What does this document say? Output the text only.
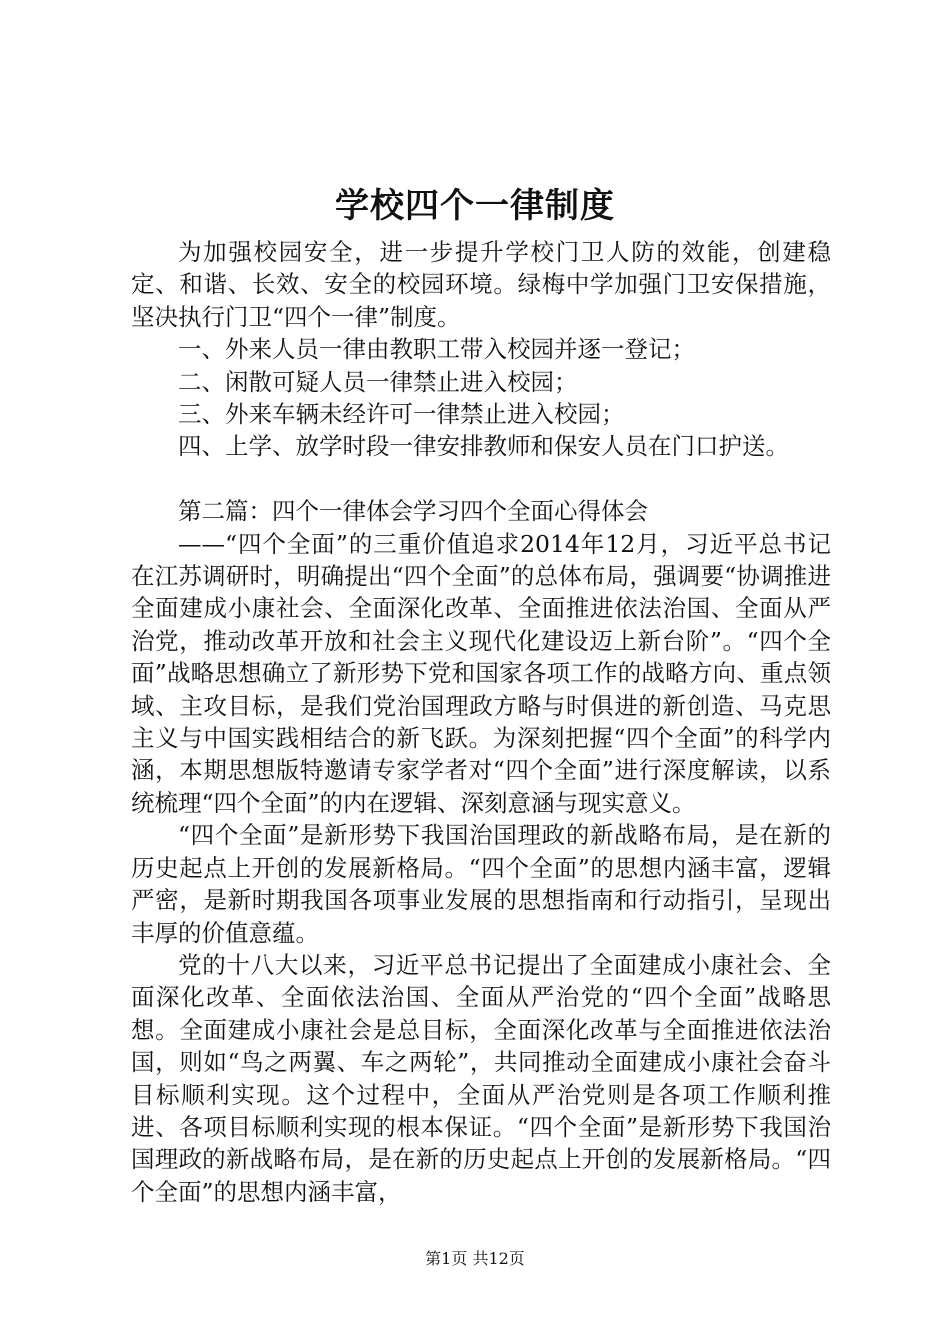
学校四个一律制度

为加强校园安全，进一步提升学校门卫人防的效能，创建稳定、和谐、长效、安全的校园环境。绿梅中学加强门卫安保措施，坚决执行门卫“四个一律”制度。

一、外来人员一律由教职工带入校园并逐一登记；

二、闲散可疑人员一律禁止进入校园；

三、外来车辆未经许可一律禁止进入校园；

四、上学、放学时段一律安排教师和保安人员在门口护送。

第二篇：四个一律体会学习四个全面心得体会

——“四个全面”的三重价值追求2014年12月，习近平总书记在江苏调研时，明确提出“四个全面”的总体布局，强调要“协调推进全面建成小康社会、全面深化改革、全面推进依法治国、全面从严治党，推动改革开放和社会主义现代化建设迈上新台阶”。“四个全面”战略思想确立了新形势下党和国家各项工作的战略方向、重点领域、主攻目标，是我们党治国理政方略与时俱进的新创造、马克思主义与中国实践相结合的新飞跃。为深刻把握“四个全面”的科学内涵，本期思想版特邀请专家学者对“四个全面”进行深度解读，以系统梳理“四个全面”的内在逻辑、深刻意涵与现实意义。

“四个全面”是新形势下我国治国理政的新战略布局，是在新的历史起点上开创的发展新格局。“四个全面”的思想内涵丰富，逻辑严密，是新时期我国各项事业发展的思想指南和行动指引，呈现出丰厚的价值意蕴。

党的十八大以来，习近平总书记提出了全面建成小康社会、全面深化改革、全面依法治国、全面从严治党的“四个全面”战略思想。全面建成小康社会是总目标，全面深化改革与全面推进依法治国，则如“鸟之两翼、车之两轮”，共同推动全面建成小康社会奋斗目标顺利实现。这个过程中，全面从严治党则是各项工作顺利推进、各项目标顺利实现的根本保证。“四个全面”是新形势下我国治国理政的新战略布局，是在新的历史起点上开创的发展新格局。“四个全面”的思想内涵丰富，

第1页 共12页
